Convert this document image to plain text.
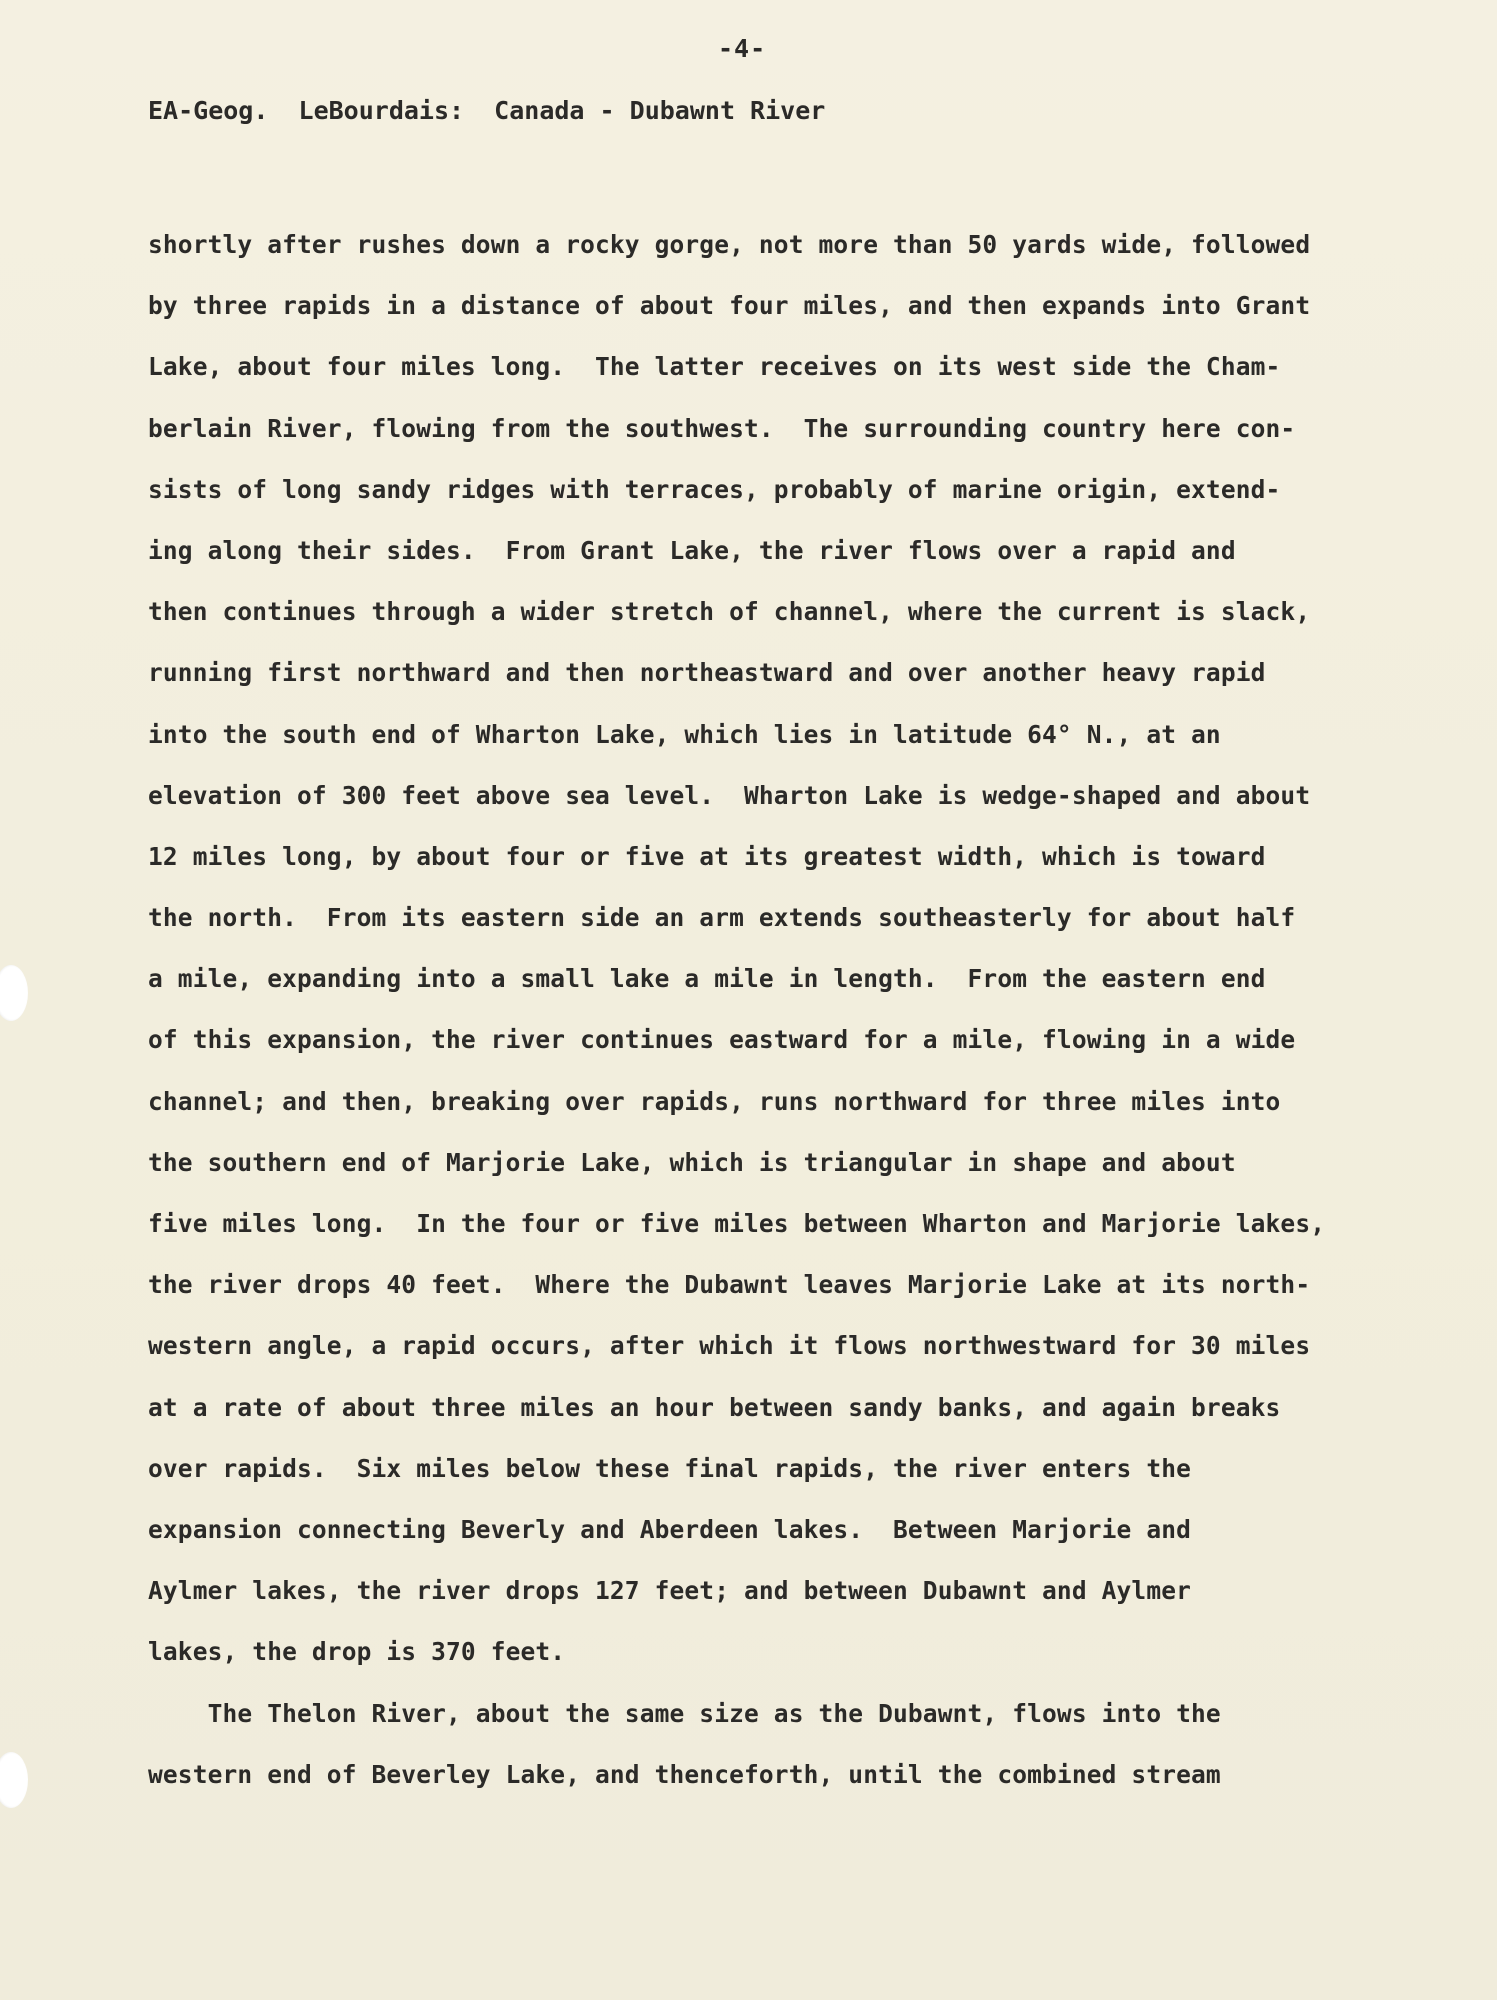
-4-

EA-Geog.  LeBourdais:  Canada - Dubawnt River

shortly after rushes down a rocky gorge, not more than 50 yards wide, followed
by three rapids in a distance of about four miles, and then expands into Grant
Lake, about four miles long.  The latter receives on its west side the Cham-
berlain River, flowing from the southwest.  The surrounding country here con-
sists of long sandy ridges with terraces, probably of marine origin, extend-
ing along their sides.  From Grant Lake, the river flows over a rapid and
then continues through a wider stretch of channel, where the current is slack,
running first northward and then northeastward and over another heavy rapid
into the south end of Wharton Lake, which lies in latitude 64° N., at an
elevation of 300 feet above sea level.  Wharton Lake is wedge-shaped and about
12 miles long, by about four or five at its greatest width, which is toward
the north.  From its eastern side an arm extends southeasterly for about half
a mile, expanding into a small lake a mile in length.  From the eastern end
of this expansion, the river continues eastward for a mile, flowing in a wide
channel; and then, breaking over rapids, runs northward for three miles into
the southern end of Marjorie Lake, which is triangular in shape and about
five miles long.  In the four or five miles between Wharton and Marjorie lakes,
the river drops 40 feet.  Where the Dubawnt leaves Marjorie Lake at its north-
western angle, a rapid occurs, after which it flows northwestward for 30 miles
at a rate of about three miles an hour between sandy banks, and again breaks
over rapids.  Six miles below these final rapids, the river enters the
expansion connecting Beverly and Aberdeen lakes.  Between Marjorie and
Aylmer lakes, the river drops 127 feet; and between Dubawnt and Aylmer
lakes, the drop is 370 feet.
The Thelon River, about the same size as the Dubawnt, flows into the
western end of Beverley Lake, and thenceforth, until the combined stream
